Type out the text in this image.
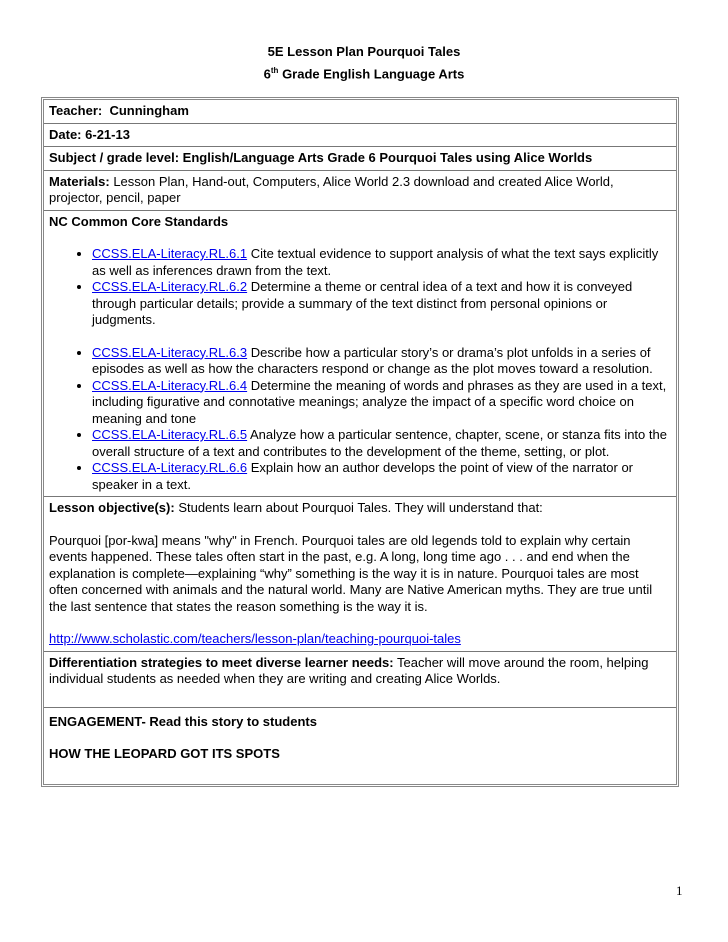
5E Lesson Plan Pourquoi Tales
6th Grade English Language Arts
Teacher: Cunningham
Date: 6-21-13
Subject / grade level: English/Language Arts Grade 6 Pourquoi Tales using Alice Worlds
Materials: Lesson Plan, Hand-out, Computers, Alice World 2.3 download and created Alice World, projector, pencil, paper

NC Common Core Standards
• CCSS.ELA-Literacy.RL.6.1 Cite textual evidence to support analysis of what the text says explicitly as well as inferences drawn from the text.
• CCSS.ELA-Literacy.RL.6.2 Determine a theme or central idea of a text and how it is conveyed through particular details; provide a summary of the text distinct from personal opinions or judgments.
• CCSS.ELA-Literacy.RL.6.3 Describe how a particular story’s or drama’s plot unfolds in a series of episodes as well as how the characters respond or change as the plot moves toward a resolution.
• CCSS.ELA-Literacy.RL.6.4 Determine the meaning of words and phrases as they are used in a text, including figurative and connotative meanings; analyze the impact of a specific word choice on meaning and tone
• CCSS.ELA-Literacy.RL.6.5 Analyze how a particular sentence, chapter, scene, or stanza fits into the overall structure of a text and contributes to the development of the theme, setting, or plot.
• CCSS.ELA-Literacy.RL.6.6 Explain how an author develops the point of view of the narrator or speaker in a text.

Lesson objective(s): Students learn about Pourquoi Tales. They will understand that:
Pourquoi [por-kwa] means "why" in French. Pourquoi tales are old legends told to explain why certain events happened. These tales often start in the past, e.g. A long, long time ago . . . and end when the explanation is complete—explaining “why” something is the way it is in nature. Pourquoi tales are most often concerned with animals and the natural world. Many are Native American myths. They are true until the last sentence that states the reason something is the way it is.
http://www.scholastic.com/teachers/lesson-plan/teaching-pourquoi-tales

Differentiation strategies to meet diverse learner needs: Teacher will move around the room, helping individual students as needed when they are writing and creating Alice Worlds.

ENGAGEMENT- Read this story to students
HOW THE LEOPARD GOT ITS SPOTS
1
